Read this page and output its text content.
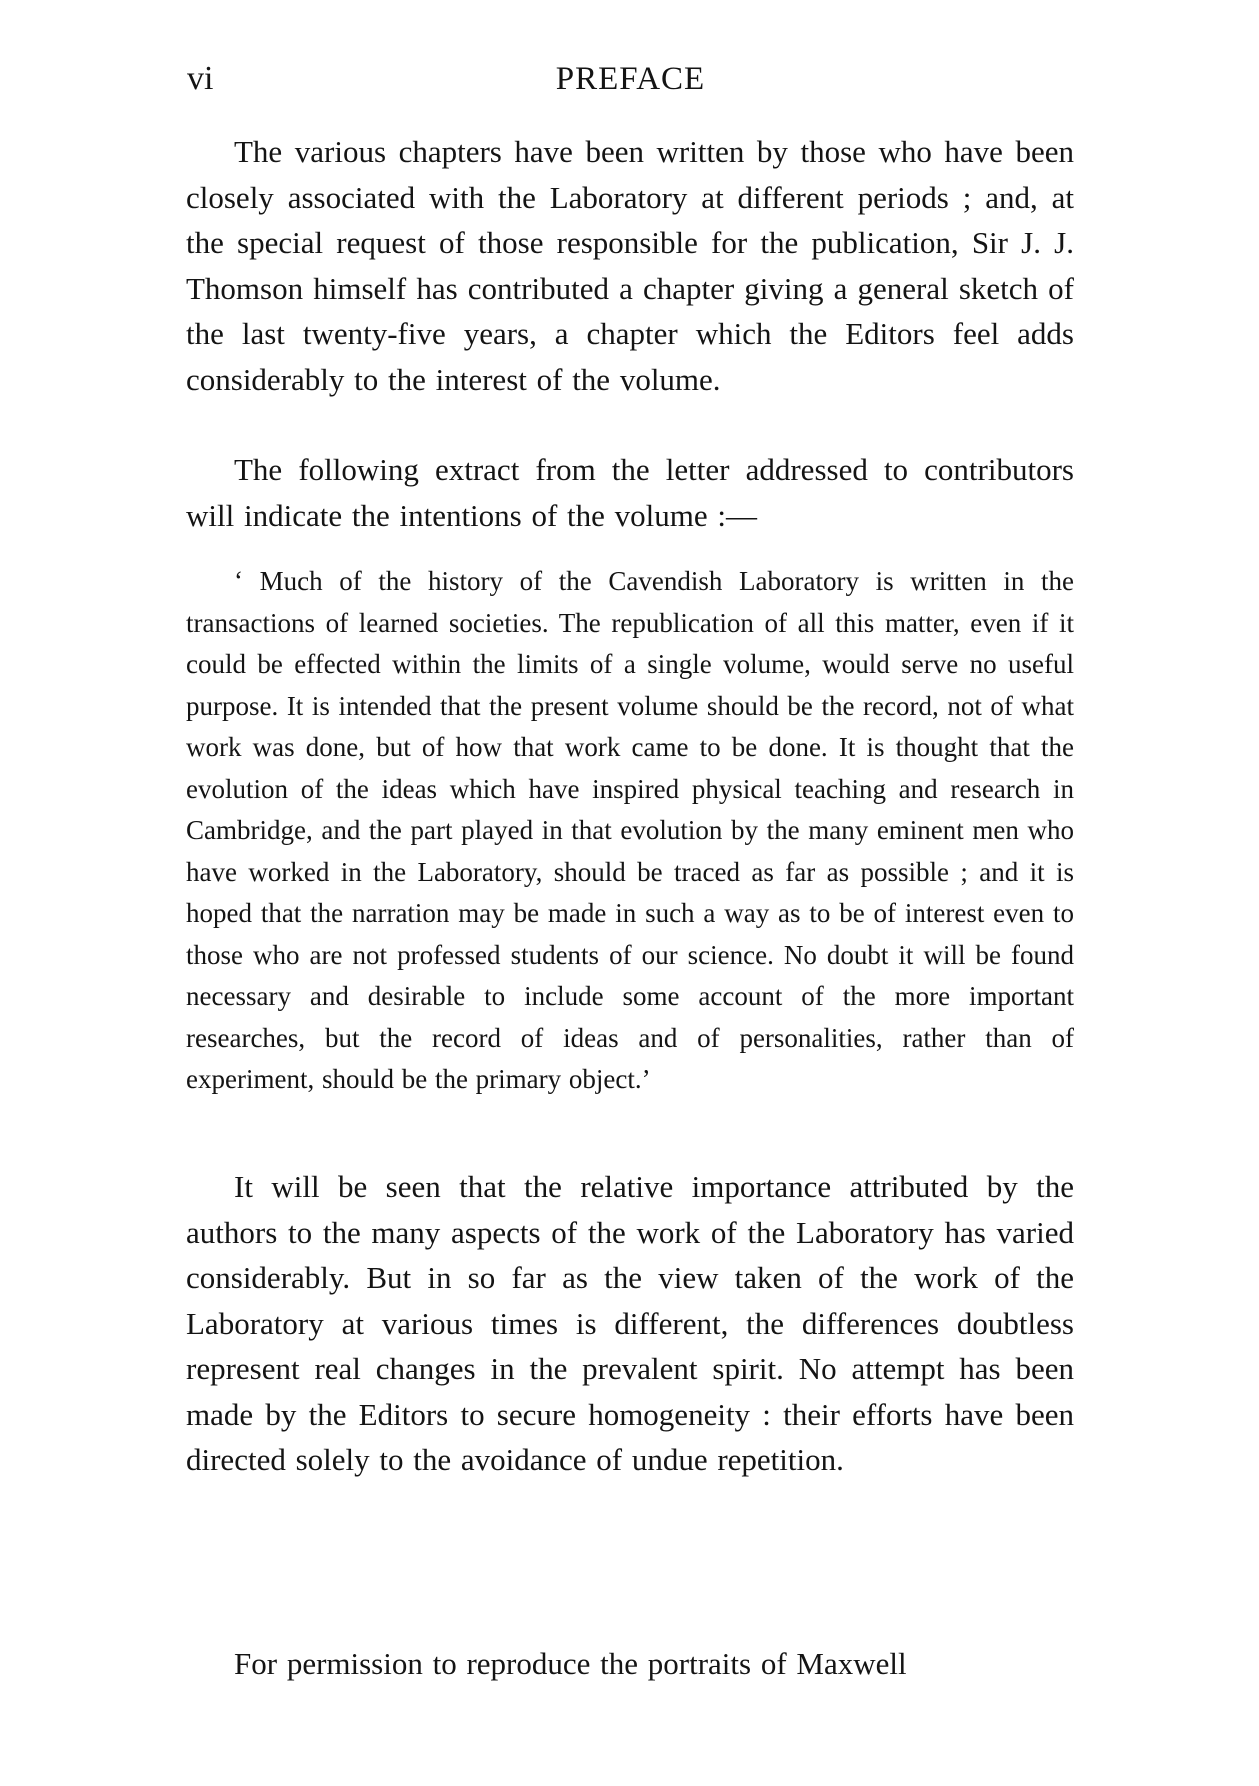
vi	PREFACE

The various chapters have been written by those who have been closely associated with the Laboratory at different periods ; and, at the special request of those responsible for the publication, Sir J. J. Thomson himself has contributed a chapter giving a general sketch of the last twenty-five years, a chapter which the Editors feel adds considerably to the interest of the volume.

The following extract from the letter addressed to contributors will indicate the intentions of the volume :—

‘ Much of the history of the Cavendish Laboratory is written in the transactions of learned societies. The republication of all this matter, even if it could be effected within the limits of a single volume, would serve no useful purpose. It is intended that the present volume should be the record, not of what work was done, but of how that work came to be done. It is thought that the evolution of the ideas which have inspired physical teaching and research in Cambridge, and the part played in that evolution by the many eminent men who have worked in the Laboratory, should be traced as far as possible ; and it is hoped that the narration may be made in such a way as to be of interest even to those who are not professed students of our science. No doubt it will be found necessary and desirable to include some account of the more important researches, but the record of ideas and of personalities, rather than of experiment, should be the primary object.’

It will be seen that the relative importance attributed by the authors to the many aspects of the work of the Laboratory has varied considerably. But in so far as the view taken of the work of the Laboratory at various times is different, the differences doubtless represent real changes in the prevalent spirit. No attempt has been made by the Editors to secure homogeneity : their efforts have been directed solely to the avoidance of undue repetition.

For permission to reproduce the portraits of Maxwell
